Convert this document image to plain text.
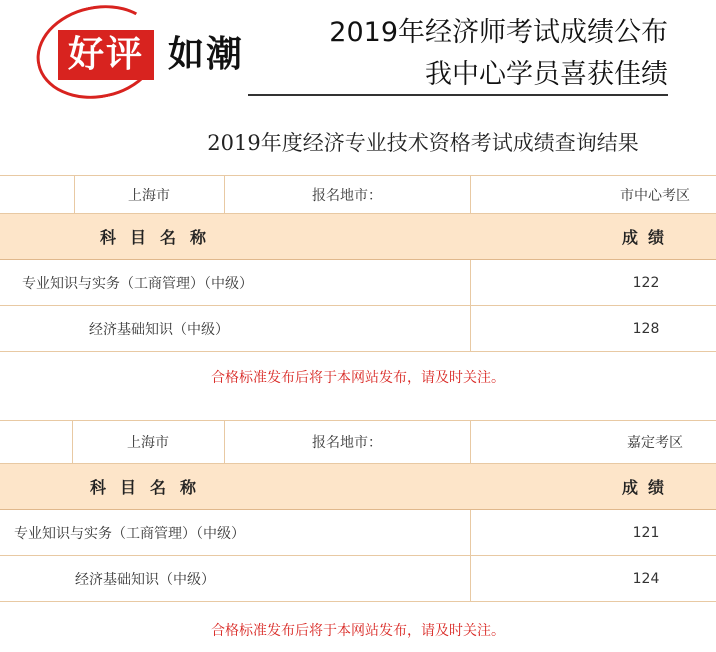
好评 如潮
2019年经济师考试成绩公布
我中心学员喜获佳绩
2019年度经济专业技术资格考试成绩查询结果
上海市	报名地市：	市中心考区
科目名称	成绩
专业知识与实务（工商管理）（中级）	122
经济基础知识（中级）	128
合格标准发布后将于本网站发布，请及时关注。
上海市	报名地市：	嘉定考区
科目名称	成绩
专业知识与实务（工商管理）（中级）	121
经济基础知识（中级）	124
合格标准发布后将于本网站发布，请及时关注。
